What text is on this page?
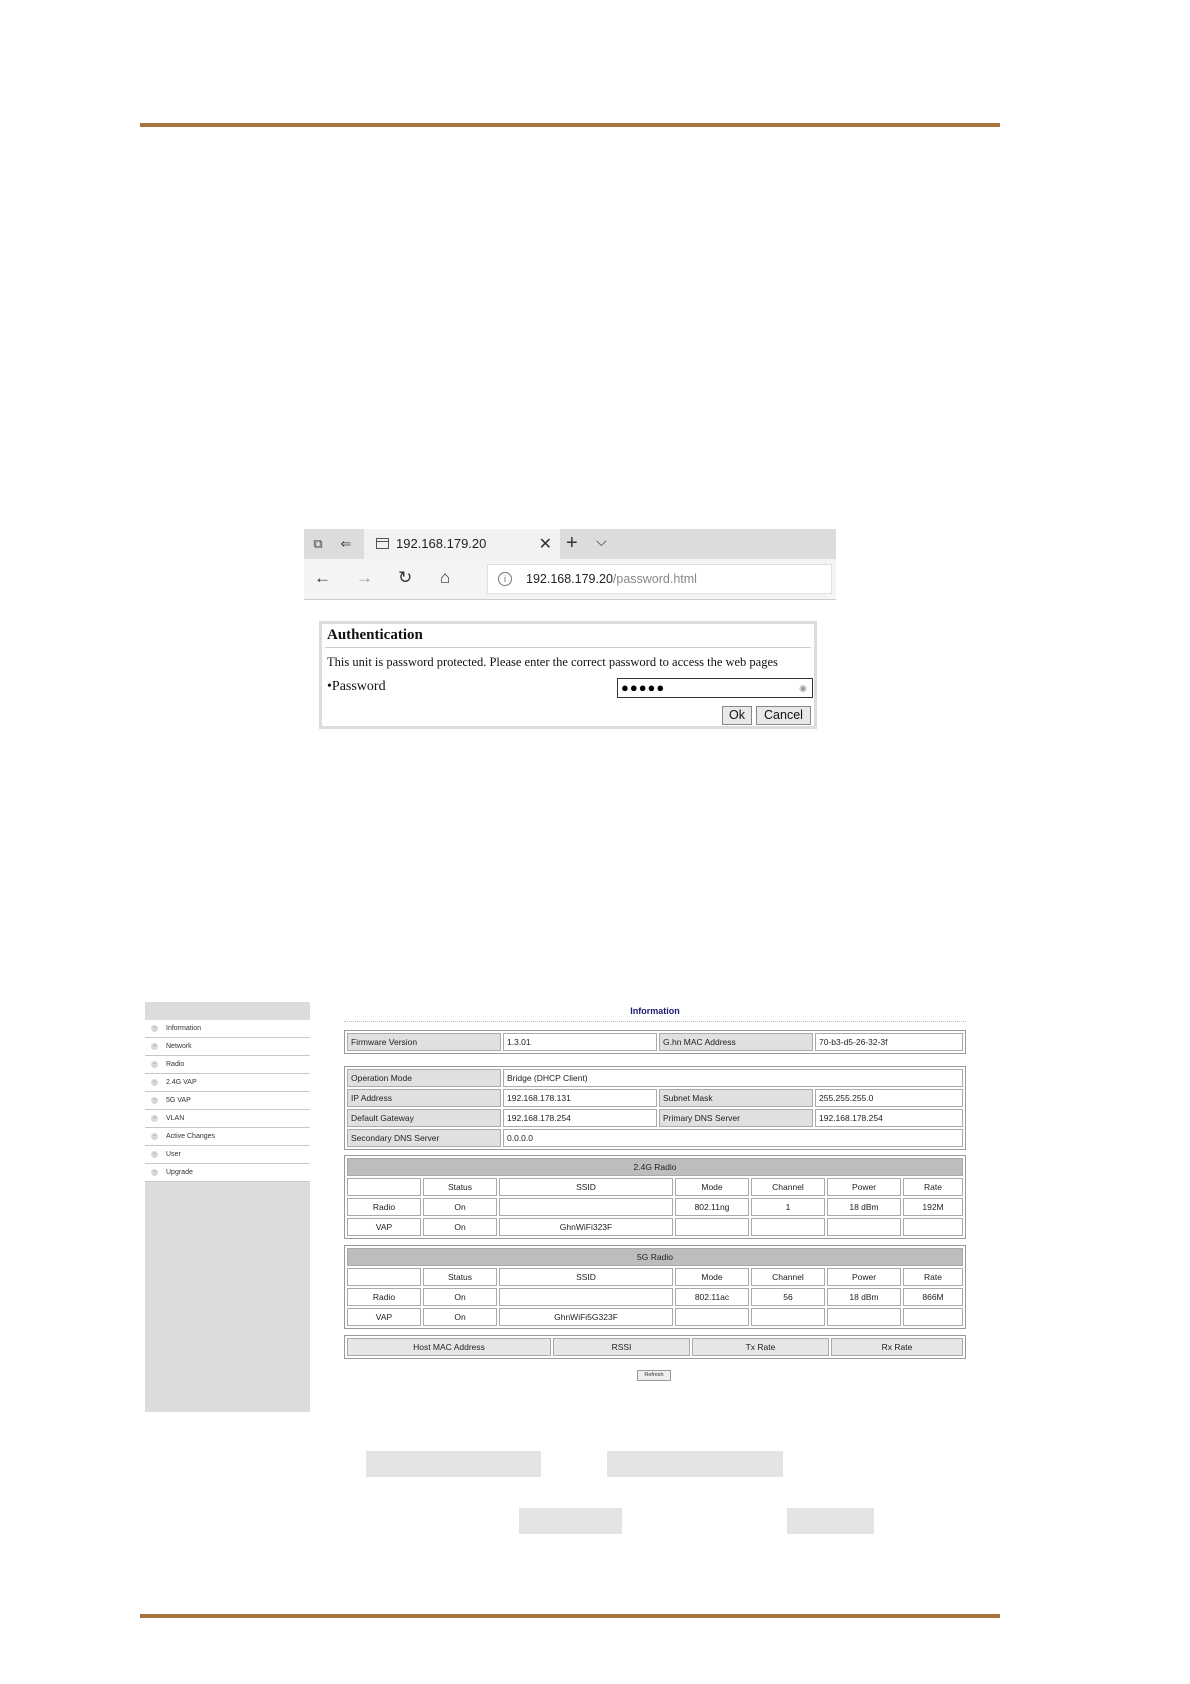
⧉ ⇐	192.168.179.20	✕ + ⌵
← → ↻ ⌂	i	192.168.179.20/password.html
Authentication
This unit is password protected. Please enter the correct password to access the web pages
•Password	●●●●●	◉
Ok	Cancel
− Information
− Network
− Radio
− 2.4G VAP
− 5G VAP
− VLAN
− Active Changes
− User
− Upgrade
Information
Firmware Version	1.3.01	G.hn MAC Address	70-b3-d5-26-32-3f
Operation Mode	Bridge (DHCP Client)		
IP Address	192.168.178.131	Subnet Mask	255.255.255.0
Default Gateway	192.168.178.254	Primary DNS Server	192.168.178.254
Secondary DNS Server	0.0.0.0		
2.4G Radio						
	Status	SSID	Mode	Channel	Power	Rate
Radio	On		802.11ng	1	18 dBm	192M
VAP	On	GhnWiFi323F				
5G Radio						
	Status	SSID	Mode	Channel	Power	Rate
Radio	On		802.11ac	56	18 dBm	866M
VAP	On	GhnWiFi5G323F				
Host MAC Address	RSSI	Tx Rate	Rx Rate
Refresh
